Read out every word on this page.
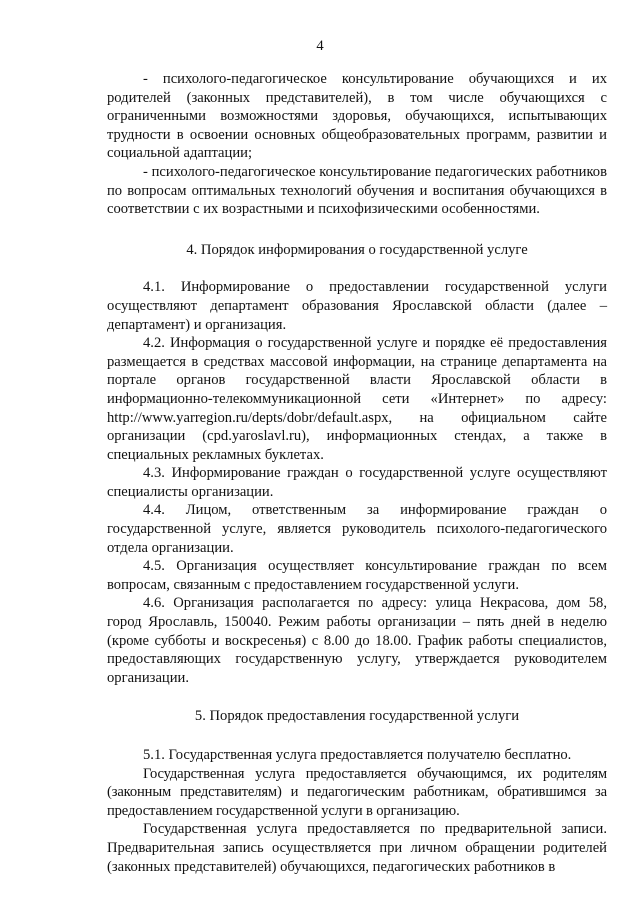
4

- психолого-педагогическое консультирование обучающихся и их родителей (законных представителей), в том числе обучающихся с ограниченными возможностями здоровья, обучающихся, испытывающих трудности в освоении основных общеобразовательных программ, развитии и социальной адаптации;

- психолого-педагогическое консультирование педагогических работников по вопросам оптимальных технологий обучения и воспитания обучающихся в соответствии с их возрастными и психофизическими особенностями.

4. Порядок информирования о государственной услуге

4.1. Информирование о предоставлении государственной услуги осуществляют департамент образования Ярославской области (далее – департамент) и организация.

4.2. Информация о государственной услуге и порядке её предоставления размещается в средствах массовой информации, на странице департамента на портале органов государственной власти Ярославской области в информационно-телекоммуникационной сети «Интернет» по адресу: http://www.yarregion.ru/depts/dobr/default.aspx, на официальном сайте организации (cpd.yaroslavl.ru), информационных стендах, а также в специальных рекламных буклетах.

4.3. Информирование граждан о государственной услуге осуществляют специалисты организации.

4.4. Лицом, ответственным за информирование граждан о государственной услуге, является руководитель психолого-педагогического отдела организации.

4.5. Организация осуществляет консультирование граждан по всем вопросам, связанным с предоставлением государственной услуги.

4.6. Организация располагается по адресу: улица Некрасова, дом 58, город Ярославль, 150040. Режим работы организации – пять дней в неделю (кроме субботы и воскресенья) с 8.00 до 18.00. График работы специалистов, предоставляющих государственную услугу, утверждается руководителем организации.

5. Порядок предоставления государственной услуги

5.1. Государственная услуга предоставляется получателю бесплатно.

Государственная услуга предоставляется обучающимся, их родителям (законным представителям) и педагогическим работникам, обратившимся за предоставлением государственной услуги в организацию.

Государственная услуга предоставляется по предварительной записи. Предварительная запись осуществляется при личном обращении родителей (законных представителей) обучающихся, педагогических работников в
